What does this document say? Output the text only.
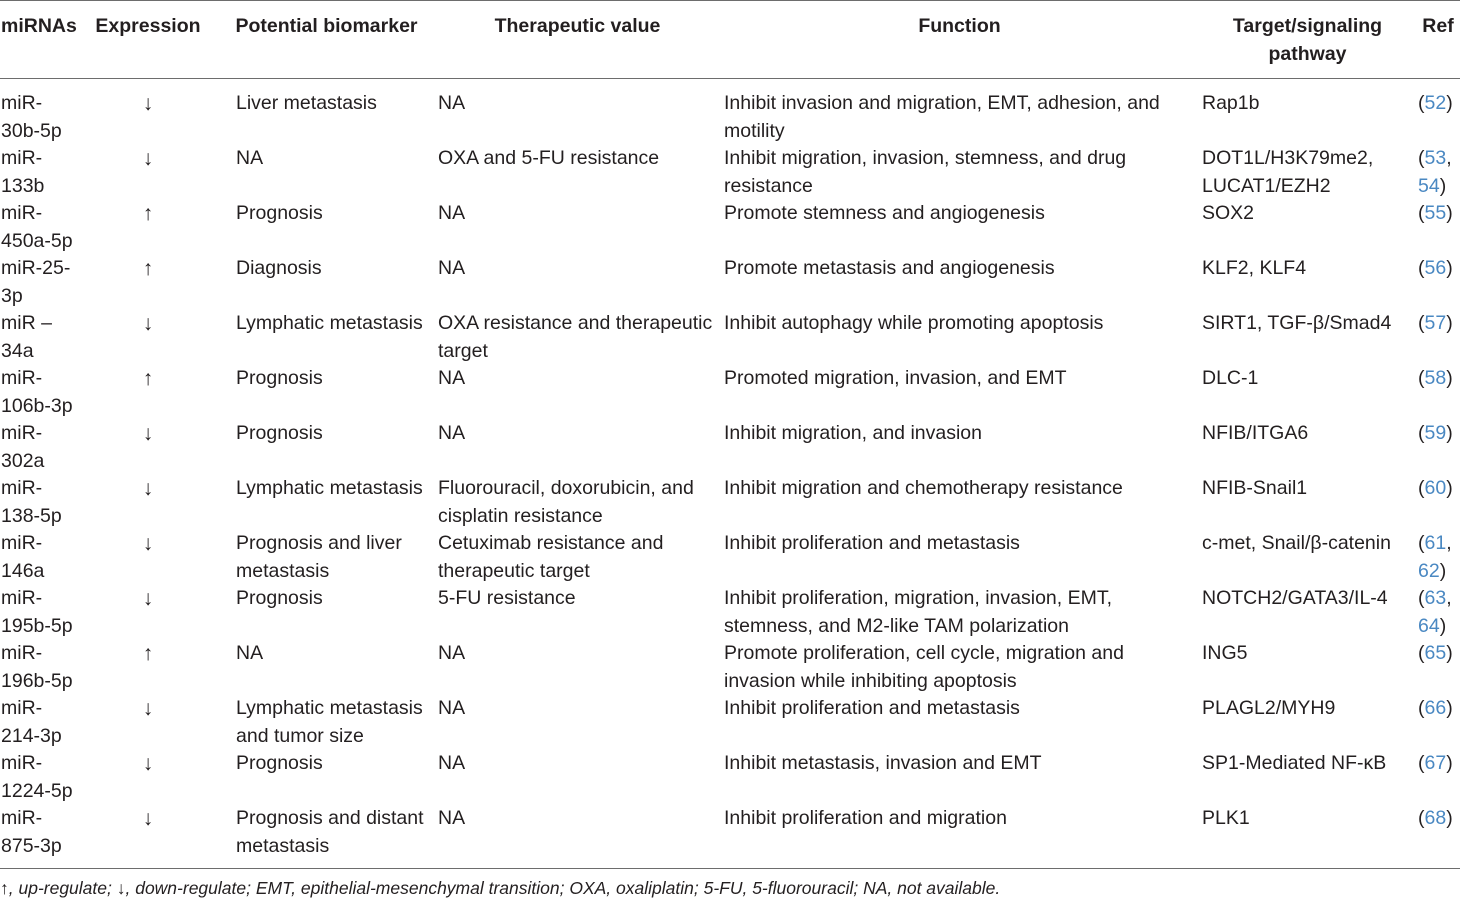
miRNAs	Expression	Potential biomarker	Therapeutic value	Function	Target/signaling pathway	Ref
miR-30b-5p	↓	Liver metastasis	NA	Inhibit invasion and migration, EMT, adhesion, and motility	Rap1b	(52)
miR-133b	↓	NA	OXA and 5-FU resistance	Inhibit migration, invasion, stemness, and drug resistance	DOT1L/H3K79me2, LUCAT1/EZH2	(53, 54)
miR-450a-5p	↑	Prognosis	NA	Promote stemness and angiogenesis	SOX2	(55)
miR-25-3p	↑	Diagnosis	NA	Promote metastasis and angiogenesis	KLF2, KLF4	(56)
miR –34a	↓	Lymphatic metastasis	OXA resistance and therapeutic target	Inhibit autophagy while promoting apoptosis	SIRT1, TGF-β/Smad4	(57)
miR-106b-3p	↑	Prognosis	NA	Promoted migration, invasion, and EMT	DLC-1	(58)
miR-302a	↓	Prognosis	NA	Inhibit migration, and invasion	NFIB/ITGA6	(59)
miR-138-5p	↓	Lymphatic metastasis	Fluorouracil, doxorubicin, and cisplatin resistance	Inhibit migration and chemotherapy resistance	NFIB-Snail1	(60)
miR-146a	↓	Prognosis and liver metastasis	Cetuximab resistance and therapeutic target	Inhibit proliferation and metastasis	c-met, Snail/β-catenin	(61, 62)
miR-195b-5p	↓	Prognosis	5-FU resistance	Inhibit proliferation, migration, invasion, EMT, stemness, and M2-like TAM polarization	NOTCH2/GATA3/IL-4	(63, 64)
miR-196b-5p	↑	NA	NA	Promote proliferation, cell cycle, migration and invasion while inhibiting apoptosis	ING5	(65)
miR-214-3p	↓	Lymphatic metastasis and tumor size	NA	Inhibit proliferation and metastasis	PLAGL2/MYH9	(66)
miR-1224-5p	↓	Prognosis	NA	Inhibit metastasis, invasion and EMT	SP1-Mediated NF-κB	(67)
miR-875-3p	↓	Prognosis and distant metastasis	NA	Inhibit proliferation and migration	PLK1	(68)
↑, up-regulate; ↓, down-regulate; EMT, epithelial-mesenchymal transition; OXA, oxaliplatin; 5-FU, 5-fluorouracil; NA, not available.
